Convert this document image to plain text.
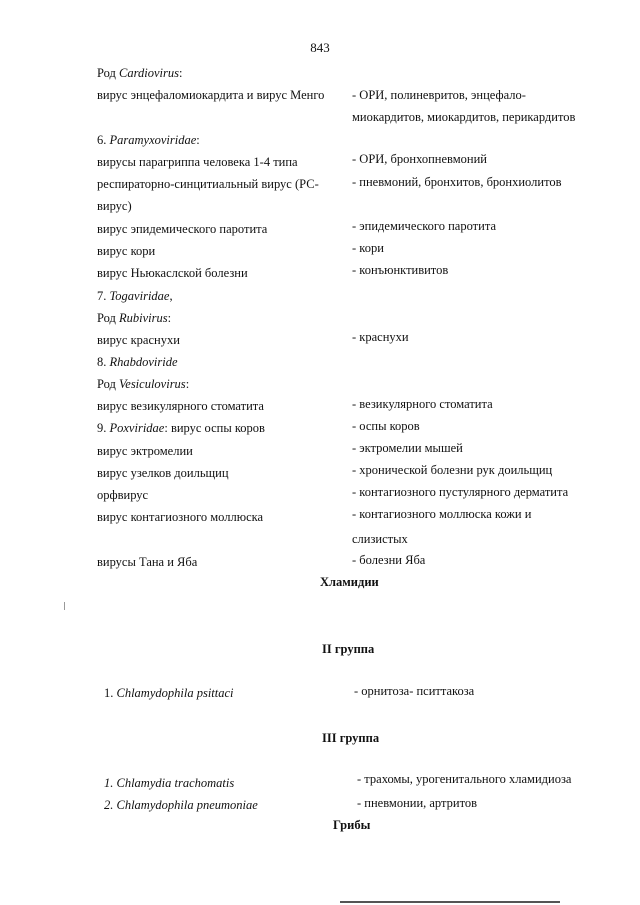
843
Род Cardiovirus:
вирус энцефаломиокардита и вирус Менго - ОРИ, полиневритов, энцефало-
миокардитов, миокардитов, перикардитов
6. Paramyxoviridae:
вирусы парагриппа человека 1-4 типа	- ОРИ, бронхопневмоний
респираторно-синцитиальный вирус (РС-	- пневмоний, бронхитов, бронхиолитов
вирус)
вирус эпидемического паротита	- эпидемического паротита
вирус кори	- кори
вирус Ньюкаслской болезни	- конъюнктивитов
7. Togaviridae,
Род Rubivirus:
вирус краснухи	- краснухи
8. Rhabdoviride
Род Vesiculovirus:
вирус везикулярного стоматита	- везикулярного стоматита
9. Poxviridae: вирус оспы коров	- оспы коров
вирус эктромелии	- эктромелии мышей
вирус узелков доильщиц	- хронической болезни рук доильщиц
орфвирус	- контагиозного пустулярного дерматита
вирус контагиозного моллюска	- контагиозного моллюска кожи и
слизистых
вирусы Тана и Яба	- болезни Яба
Хламидии
II группа
1. Chlamydophila psittaci	- орнитоза- пситтакоза
III группа
1. Chlamydia trachomatis	- трахомы, урогенитального хламидиоза
2. Chlamydophila pneumoniae	- пневмонии, артритов
Грибы
